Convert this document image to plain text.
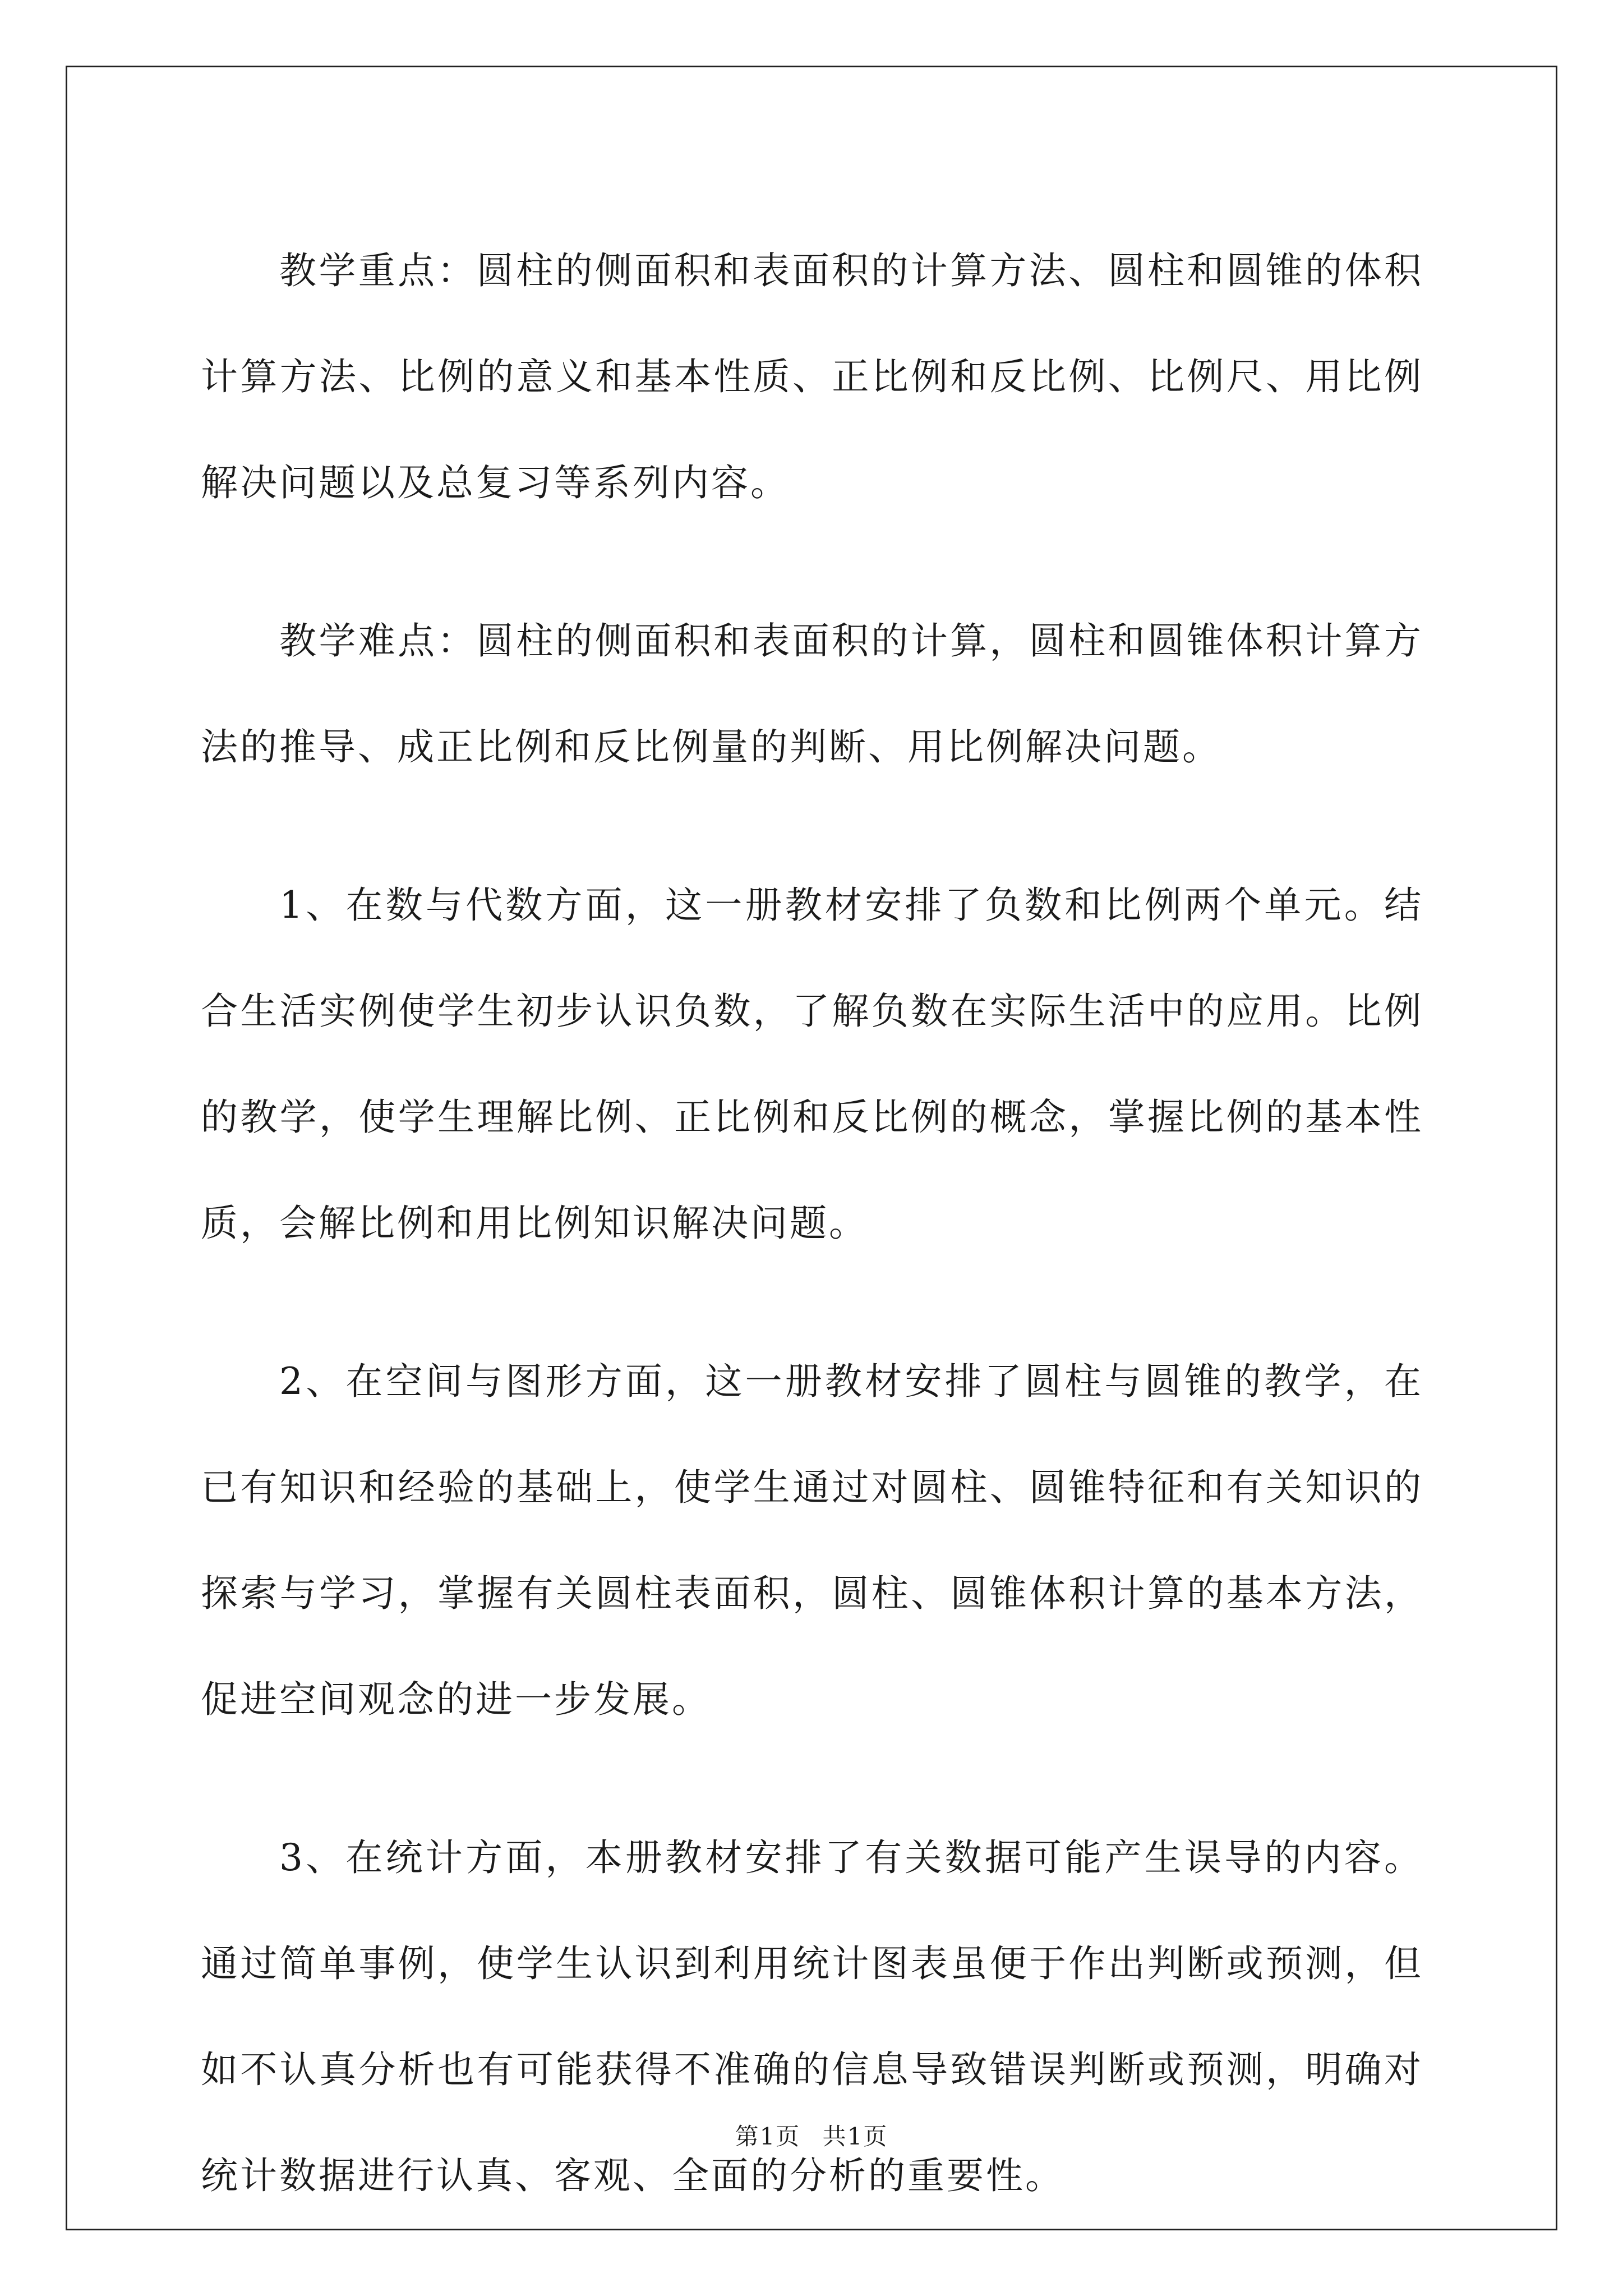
教学重点：圆柱的侧面积和表面积的计算方法、圆柱和圆锥的体积计算方法、比例的意义和基本性质、正比例和反比例、比例尺、用比例解决问题以及总复习等系列内容。

教学难点：圆柱的侧面积和表面积的计算，圆柱和圆锥体积计算方法的推导、成正比例和反比例量的判断、用比例解决问题。

1、在数与代数方面，这一册教材安排了负数和比例两个单元。结合生活实例使学生初步认识负数，了解负数在实际生活中的应用。比例的教学，使学生理解比例、正比例和反比例的概念，掌握比例的基本性质，会解比例和用比例知识解决问题。

2、在空间与图形方面，这一册教材安排了圆柱与圆锥的教学，在已有知识和经验的基础上，使学生通过对圆柱、圆锥特征和有关知识的探索与学习，掌握有关圆柱表面积，圆柱、圆锥体积计算的基本方法，促进空间观念的进一步发展。

3、在统计方面，本册教材安排了有关数据可能产生误导的内容。通过简单事例，使学生认识到利用统计图表虽便于作出判断或预测，但如不认真分析也有可能获得不准确的信息导致错误判断或预测，明确对统计数据进行认真、客观、全面的分析的重要性。

第1页 共1页
